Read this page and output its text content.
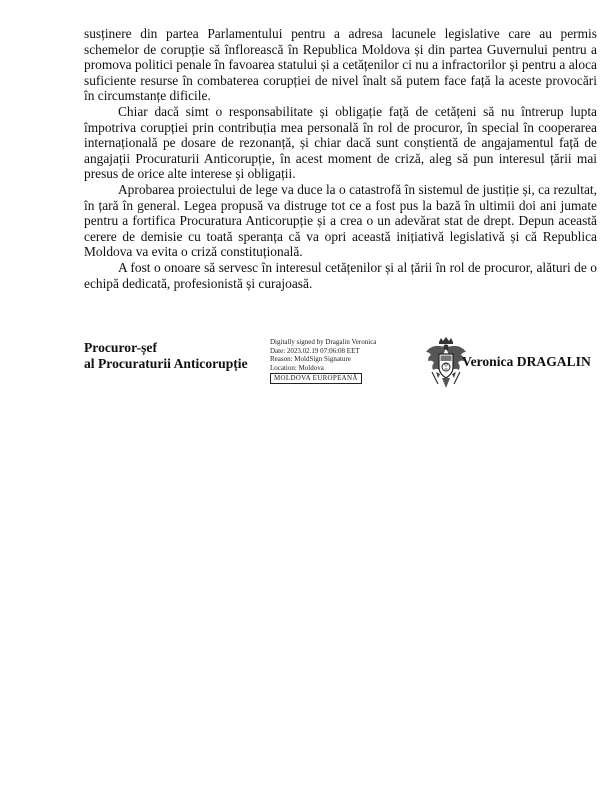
susținere din partea Parlamentului pentru a adresa lacunele legislative care au permis schemelor de corupție să înflorească în Republica Moldova și din partea Guvernului pentru a promova politici penale în favoarea statului și a cetățenilor ci nu a infractorilor și pentru a aloca suficiente resurse în combaterea corupției de nivel înalt să putem face față la aceste provocări în circumstanțe dificile.

Chiar dacă simt o responsabilitate și obligație față de cetățeni să nu întrerup lupta împotriva corupției prin contribuția mea personală în rol de procuror, în special în cooperarea internațională pe dosare de rezonanță, și chiar dacă sunt conștientă de angajamentul față de angajații Procuraturii Anticorupție, în acest moment de criză, aleg să pun interesul țării mai presus de orice alte interese și obligații.

Aprobarea proiectului de lege va duce la o catastrofă în sistemul de justiție și, ca rezultat, în țară în general. Legea propusă va distruge tot ce a fost pus la bază în ultimii doi ani jumate pentru a fortifica Procuratura Anticorupție și a crea o un adevărat stat de drept. Depun această cerere de demisie cu toată speranța că va opri această inițiativă legislativă și că Republica Moldova va evita o criză constituțională.

A fost o onoare să servesc în interesul cetățenilor și al țării în rol de procuror, alături de o echipă dedicată, profesionistă și curajoasă.

Procuror-șef
al Procuraturii Anticorupție
Digitally signed by Dragalin Veronica
Date: 2023.02.19 07:06:08 EET
Reason: MoldSign Signature
Location: Moldova
MOLDOVA EUROPEANĂ
Veronica DRAGALIN
